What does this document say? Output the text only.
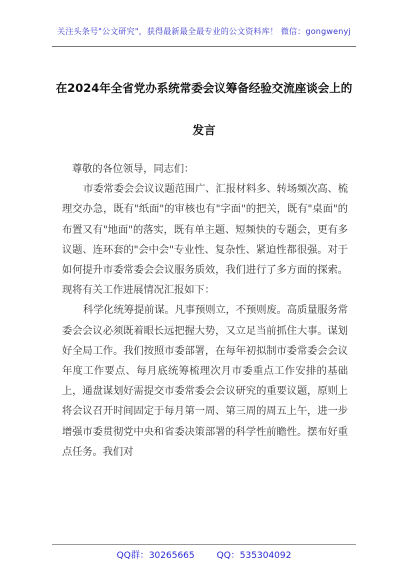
关注头条号"公文研究"，获得最新最全最专业的公文资料库！ 微信：gongwenyj
在2024年全省党办系统常委会议筹备经验交流座谈会上的
发言

尊敬的各位领导，同志们：

市委常委会会议议题范围广、汇报材料多、转场频次高、梳理交办急，既有"纸面"的审核也有"字面"的把关，既有"桌面"的布置又有"地面"的落实，既有单主题、短频快的专题会，更有多议题、连环套的"会中会"专业性、复杂性、紧迫性都很强。对于如何提升市委常委会会议服务质效，我们进行了多方面的探索。现将有关工作进展情况汇报如下：

科学化统筹提前谋。凡事预则立，不预则废。高质量服务常委会会议必须既着眼长远把握大势，又立足当前抓住大事。谋划好全局工作。我们按照市委部署，在每年初拟制市委常委会会议年度工作要点、每月底统筹梳理次月市委重点工作安排的基础上，通盘谋划好需提交市委常委会会议研究的重要议题，原则上将会议召开时间固定于每月第一周、第三周的周五上午，进一步增强市委贯彻党中央和省委决策部署的科学性前瞻性。摆布好重点任务。我们对

QQ群：30265665 QQ：535304092
